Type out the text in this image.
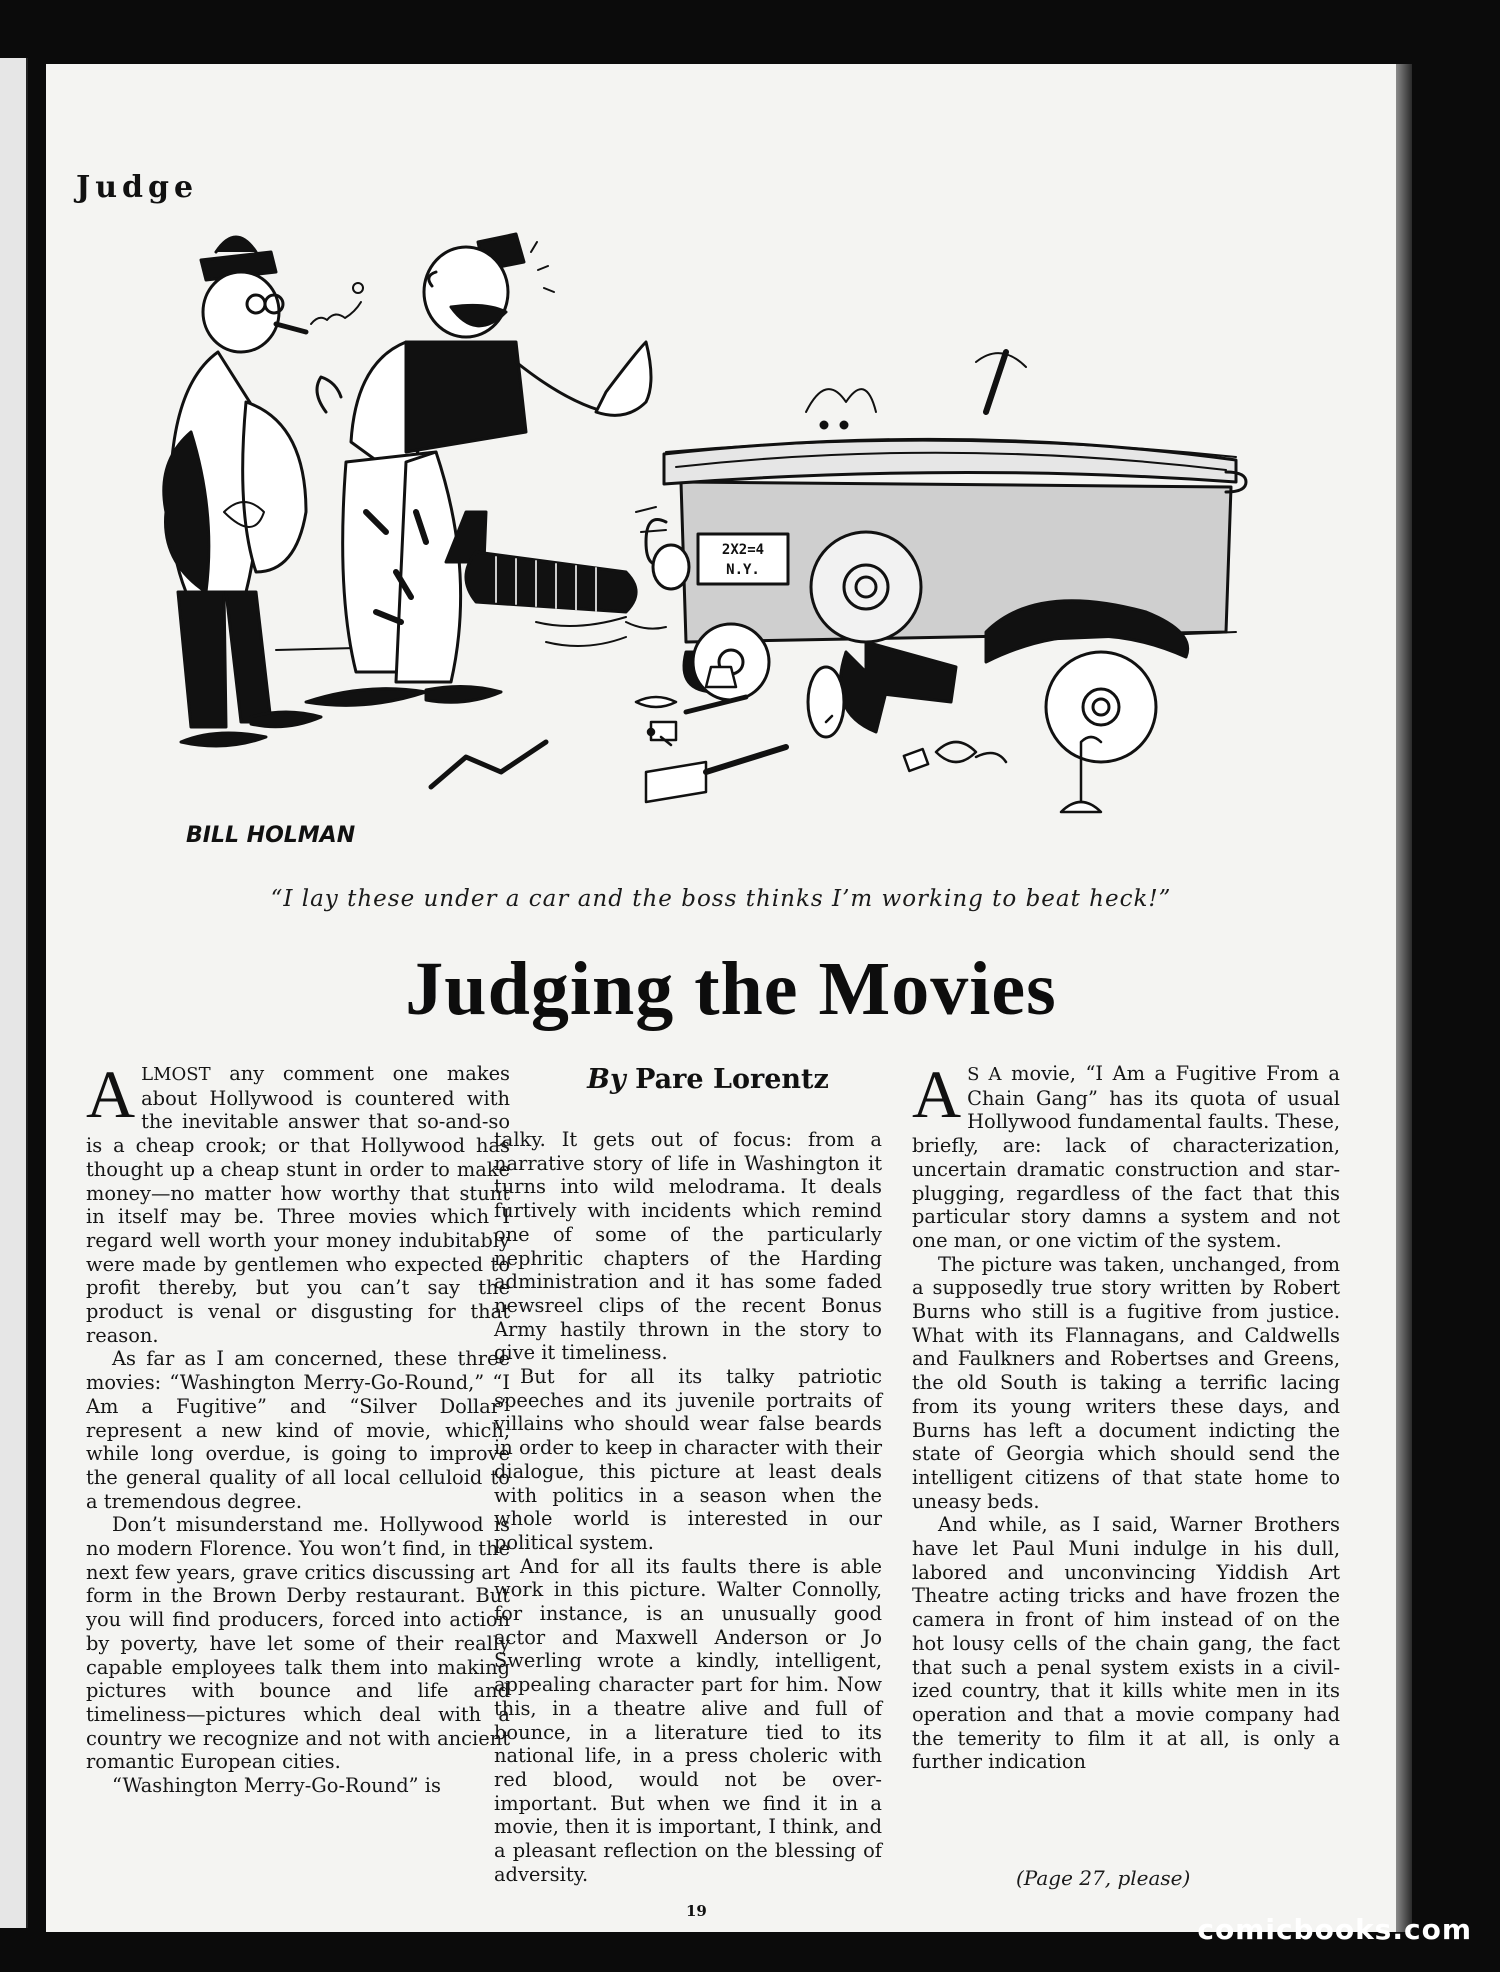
Judge
2X2=4
N.Y.
BILL HOLMAN
“I lay these under a car and the boss thinks I’m working to beat heck!”
Judging the Movies
By Pare Lorentz

ALMOST any comment one makes about Hollywood is countered with the inevitable answer that so-and-so is a cheap crook; or that Hollywood has thought up a cheap stunt in order to make money—no matter how worthy that stunt in itself may be. Three movies which I regard well worth your money indubitably were made by gentlemen who expected to profit thereby, but you can’t say the product is venal or disgusting for that reason.

As far as I am concerned, these three movies: “Washington Merry-Go-Round,” “I Am a Fugitive” and “Silver Dollar” represent a new kind of movie, which, while long overdue, is going to improve the general quality of all local celluloid to a tremendous degree.

Don’t misunderstand me. Hollywood is no modern Florence. You won’t find, in the next few years, grave critics discussing art form in the Brown Derby restaurant. But you will find producers, forced into action by poverty, have let some of their really capable employees talk them into making pictures with bounce and life and timeliness—pictures which deal with a country we recognize and not with ancient romantic European cities.

“Washington Merry-Go-Round” is

talky. It gets out of focus: from a narrative story of life in Washington it turns into wild melodrama. It deals furtively with incidents which remind one of some of the particularly nephritic chapters of the Harding administration and it has some faded newsreel clips of the recent Bonus Army hastily thrown in the story to give it timeliness.

But for all its talky patriotic speeches and its juvenile portraits of villains who should wear false beards in order to keep in character with their dialogue, this picture at least deals with politics in a season when the whole world is interested in our political system.

And for all its faults there is able work in this picture. Walter Connolly, for instance, is an unusually good actor and Maxwell Anderson or Jo Swerling wrote a kindly, intelligent, appealing character part for him. Now this, in a theatre alive and full of bounce, in a literature tied to its national life, in a press choleric with red blood, would not be over-important. But when we find it in a movie, then it is important, I think, and a pleasant reflection on the blessing of adversity.

A S A movie, “I Am a Fugitive From a Chain Gang” has its quota of usual Hollywood fundamental faults. These, briefly, are: lack of characterization, uncertain dramatic construction and star-plugging, regardless of the fact that this particular story damns a system and not one man, or one victim of the system.

The picture was taken, unchanged, from a supposedly true story written by Robert Burns who still is a fugitive from justice. What with its Flannagans, and Caldwells and Faulkners and Robertses and Greens, the old South is taking a terrific lacing from its young writers these days, and Burns has left a document indicting the state of Georgia which should send the intelligent citizens of that state home to uneasy beds.

And while, as I said, Warner Brothers have let Paul Muni indulge in his dull, labored and unconvincing Yiddish Art Theatre acting tricks and have frozen the camera in front of him instead of on the hot lousy cells of the chain gang, the fact that such a penal system exists in a civilized country, that it kills white men in its operation and that a movie company had the temerity to film it at all, is only a further indication

(Page 27, please)
19
comicbooks.com
